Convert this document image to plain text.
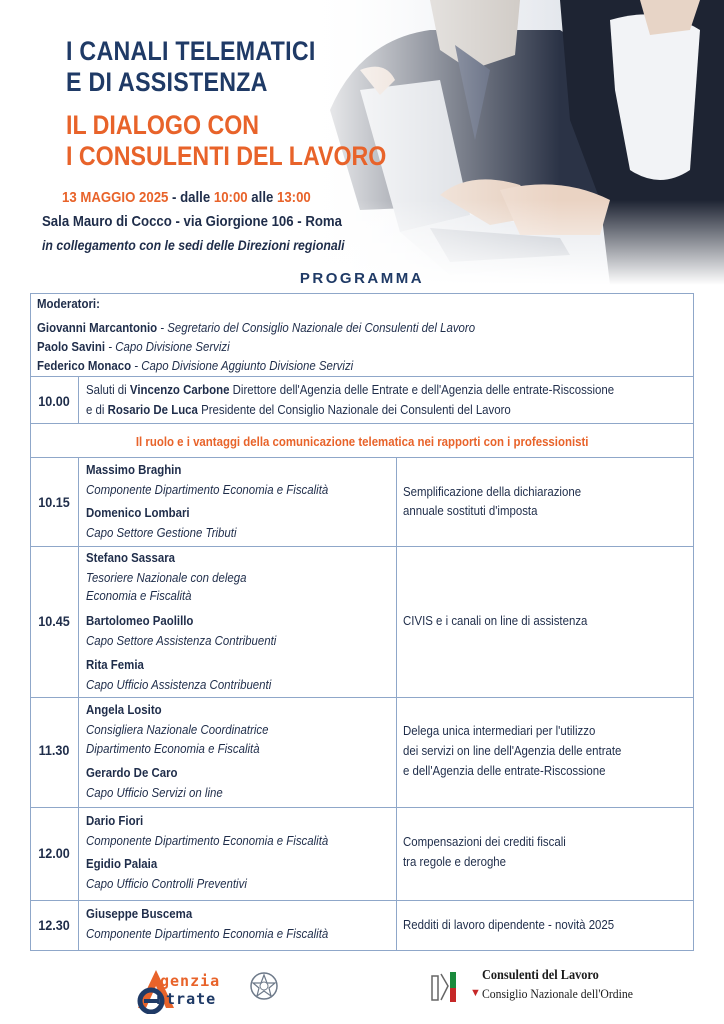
I CANALI TELEMATICI
E DI ASSISTENZA
IL DIALOGO CON
I CONSULENTI DEL LAVORO
13 MAGGIO 2025 - dalle 10:00 alle 13:00
Sala Mauro di Cocco - via Giorgione 106 - Roma
in collegamento con le sedi delle Direzioni regionali
PROGRAMMA
Moderatori:
Giovanni Marcantonio - Segretario del Consiglio Nazionale dei Consulenti del Lavoro
Paolo Savini - Capo Divisione Servizi
Federico Monaco - Capo Divisione Aggiunto Divisione Servizi
10.00
Saluti di Vincenzo Carbone Direttore dell'Agenzia delle Entrate e dell'Agenzia delle entrate-Riscossione
e di Rosario De Luca Presidente del Consiglio Nazionale dei Consulenti del Lavoro
Il ruolo e i vantaggi della comunicazione telematica nei rapporti con i professionisti
10.15
Massimo Braghin
Componente Dipartimento Economia e Fiscalità
Domenico Lombari
Capo Settore Gestione Tributi
Semplificazione della dichiarazione
annuale sostituti d'imposta
10.45
Stefano Sassara
Tesoriere Nazionale con delega
Economia e Fiscalità
Bartolomeo Paolillo
Capo Settore Assistenza Contribuenti
Rita Femia
Capo Ufficio Assistenza Contribuenti
CIVIS e i canali on line di assistenza
11.30
Angela Losito
Consigliera Nazionale Coordinatrice
Dipartimento Economia e Fiscalità
Gerardo De Caro
Capo Ufficio Servizi on line
Delega unica intermediari per l'utilizzo
dei servizi on line dell'Agenzia delle entrate
e dell'Agenzia delle entrate-Riscossione
12.00
Dario Fiori
Componente Dipartimento Economia e Fiscalità
Egidio Palaia
Capo Ufficio Controlli Preventivi
Compensazioni dei crediti fiscali
tra regole e deroghe
12.30
Giuseppe Buscema
Componente Dipartimento Economia e Fiscalità
Redditi di lavoro dipendente - novità 2025
genzia
ntrate
Consulenti del Lavoro
▼ Consiglio Nazionale dell'Ordine
